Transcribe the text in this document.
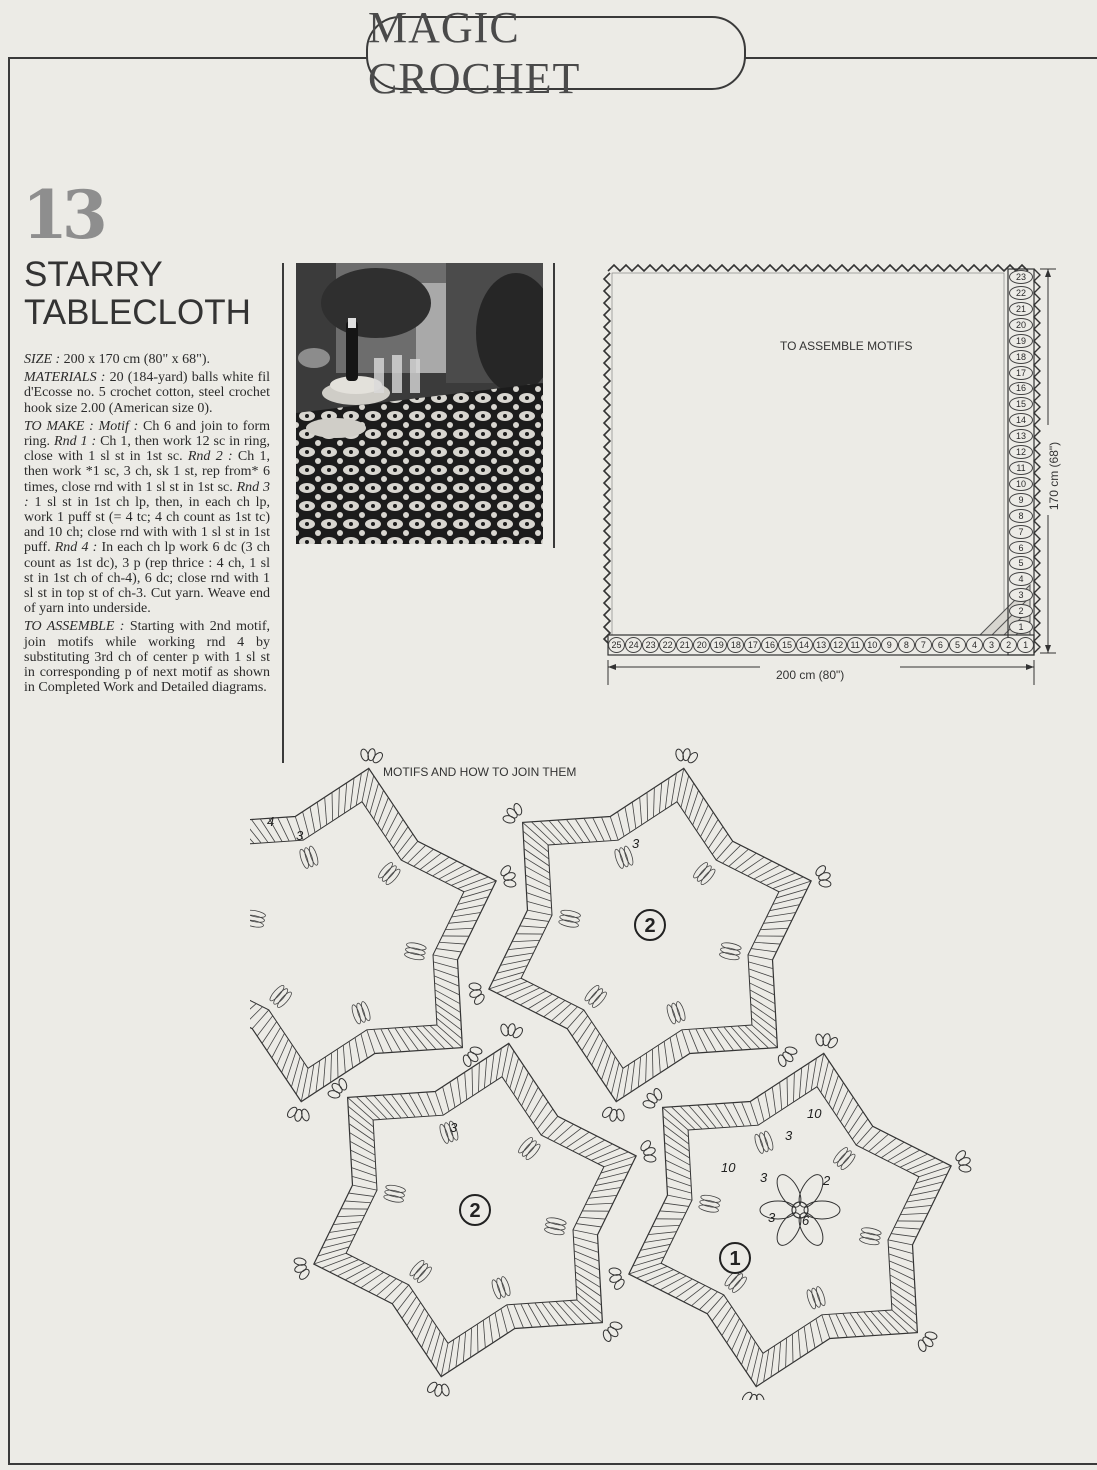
MAGIC CROCHET
13
STARRY TABLECLOTH

SIZE : 200 x 170 cm (80" x 68").

MATERIALS : 20 (184-yard) balls white fil d'Ecosse no. 5 crochet cotton, steel crochet hook size 2.00 (American size 0).

TO MAKE : Motif : Ch 6 and join to form ring. Rnd 1 : Ch 1, then work 12 sc in ring, close with 1 sl st in 1st sc. Rnd 2 : Ch 1, then work *1 sc, 3 ch, sk 1 st, rep from* 6 times, close rnd with 1 sl st in 1st sc. Rnd 3 : 1 sl st in 1st ch lp, then, in each ch lp, work 1 puff st (= 4 tc; 4 ch count as 1st tc) and 10 ch; close rnd with with 1 sl st in 1st puff. Rnd 4 : In each ch lp work 6 dc (3 ch count as 1st dc), 3 p (rep thrice : 4 ch, 1 sl st in 1st ch of ch-4), 6 dc; close rnd with 1 sl st in top st of ch-3. Cut yarn. Weave end of yarn into underside.

TO ASSEMBLE : Starting with 2nd motif, join motifs while working rnd 4 by substituting 3rd ch of center p with 1 sl st in corresponding p of next motif as shown in Completed Work and Detailed diagrams.

25 24 23 22 21 20 19 18 17 16 15 14 13 12 11 10	9	8	7	6	5	4	3	2	1
1
2
3
4
5
6
7
8
9
10
11
12
13
14
15
16
17
18
19
20
21
22
23
TO ASSEMBLE MOTIFS
200 cm (80")
170 cm (68")
2
2
1
4
3
3
3
3
10
10
3
2
3
6
MOTIFS AND HOW TO JOIN THEM
